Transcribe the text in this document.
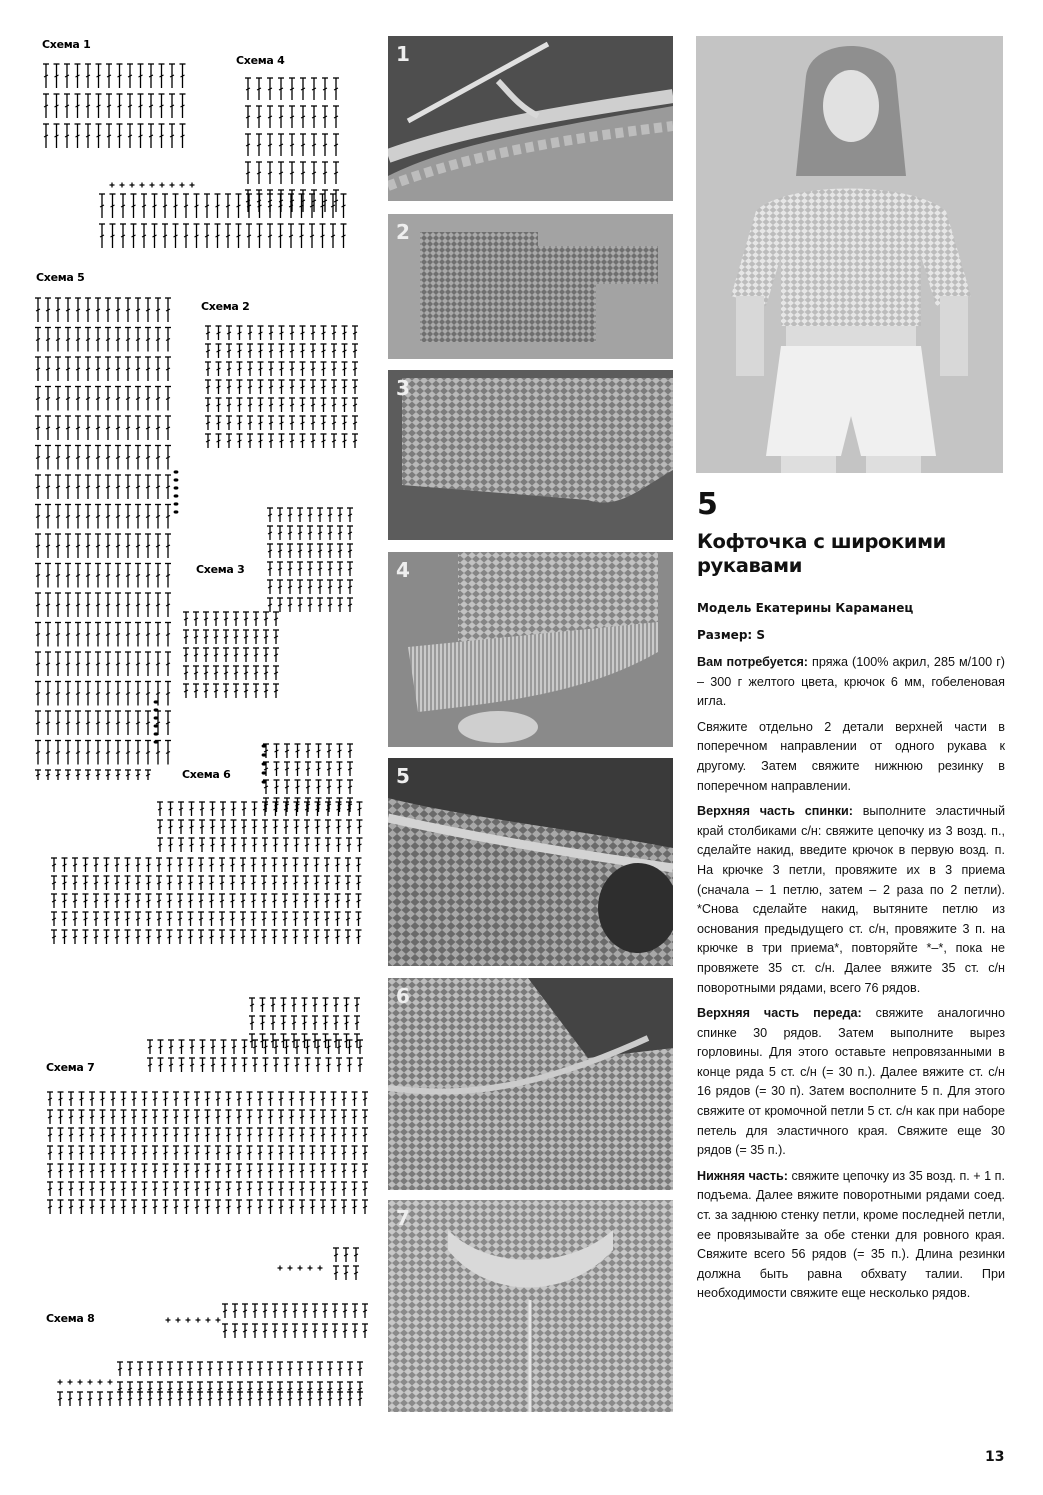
Схема 1
Схема 4
Схема 5
Схема 2
Схема 3
Схема 6
Схема 7
Схема 8
1
2
3
4
5
6
7
5
Кофточка с широкими рукавами
Модель Екатерины Караманец
Размер: S

Вам потребуется: пряжа (100% акрил, 285 м/100 г) – 300 г желтого цвета, крючок 6 мм, гобеленовая игла.

Свяжите отдельно 2 детали верхней части в поперечном направлении от одного рукава к другому. Затем свяжите нижнюю резинку в поперечном направлении.

Верхняя часть спинки: выполните эластичный край столбиками с/н: свяжите цепочку из 3 возд. п., сделайте накид, введите крючок в первую возд. п. На крючке 3 петли, провяжите их в 3 приема (сначала – 1 петлю, затем – 2 раза по 2 петли). *Снова сделайте накид, вытяните петлю из основания предыдущего ст. с/н, провяжите 3 п. на крючке в три приема*, повторяйте *–*, пока не провяжете 35 ст. с/н. Далее вяжите 35 ст. с/н поворотными рядами, всего 76 рядов.

Верхняя часть переда: свяжите аналогично спинке 30 рядов. Затем выполните вырез горловины. Для этого оставьте непровязанными в конце ряда 5 ст. с/н (= 30 п.). Далее вяжите ст. с/н 16 рядов (= 30 п). Затем восполните 5 п. Для этого свяжите от кромочной петли 5 ст. с/н как при наборе петель для эластичного края. Свяжите еще 30 рядов (= 35 п.).

Нижняя часть: свяжите цепочку из 35 возд. п. + 1 п. подъема. Далее вяжите поворотными рядами соед. ст. за заднюю стенку петли, кроме последней петли, ее провязывайте за обе стенки для ровного края. Свяжите всего 56 рядов (= 35 п.). Длина резинки должна быть равна обхвату талии. При необходимости свяжите еще несколько рядов.

13
